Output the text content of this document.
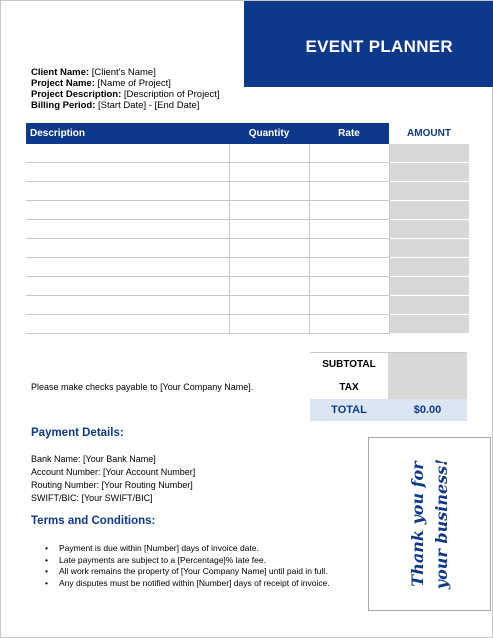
EVENT PLANNER
Client Name: [Client's Name]
Project Name: [Name of Project]
Project Description: [Description of Project]
Billing Period: [Start Date] - [End Date]
Description	Quantity	Rate	AMOUNT

Please make checks payable to [Your Company Name].
SUBTOTAL	
TAX	
TOTAL	$0.00
Payment Details:
Bank Name: [Your Bank Name]
Account Number: [Your Account Number]
Routing Number: [Your Routing Number]
SWIFT/BIC: [Your SWIFT/BIC]
Terms and Conditions:
• Payment is due within [Number] days of invoice date.
• Late payments are subject to a [Percentage]% late fee.
• All work remains the property of [Your Company Name] until paid in full.
• Any disputes must be notified within [Number] days of receipt of invoice.	Thank you for your business!
